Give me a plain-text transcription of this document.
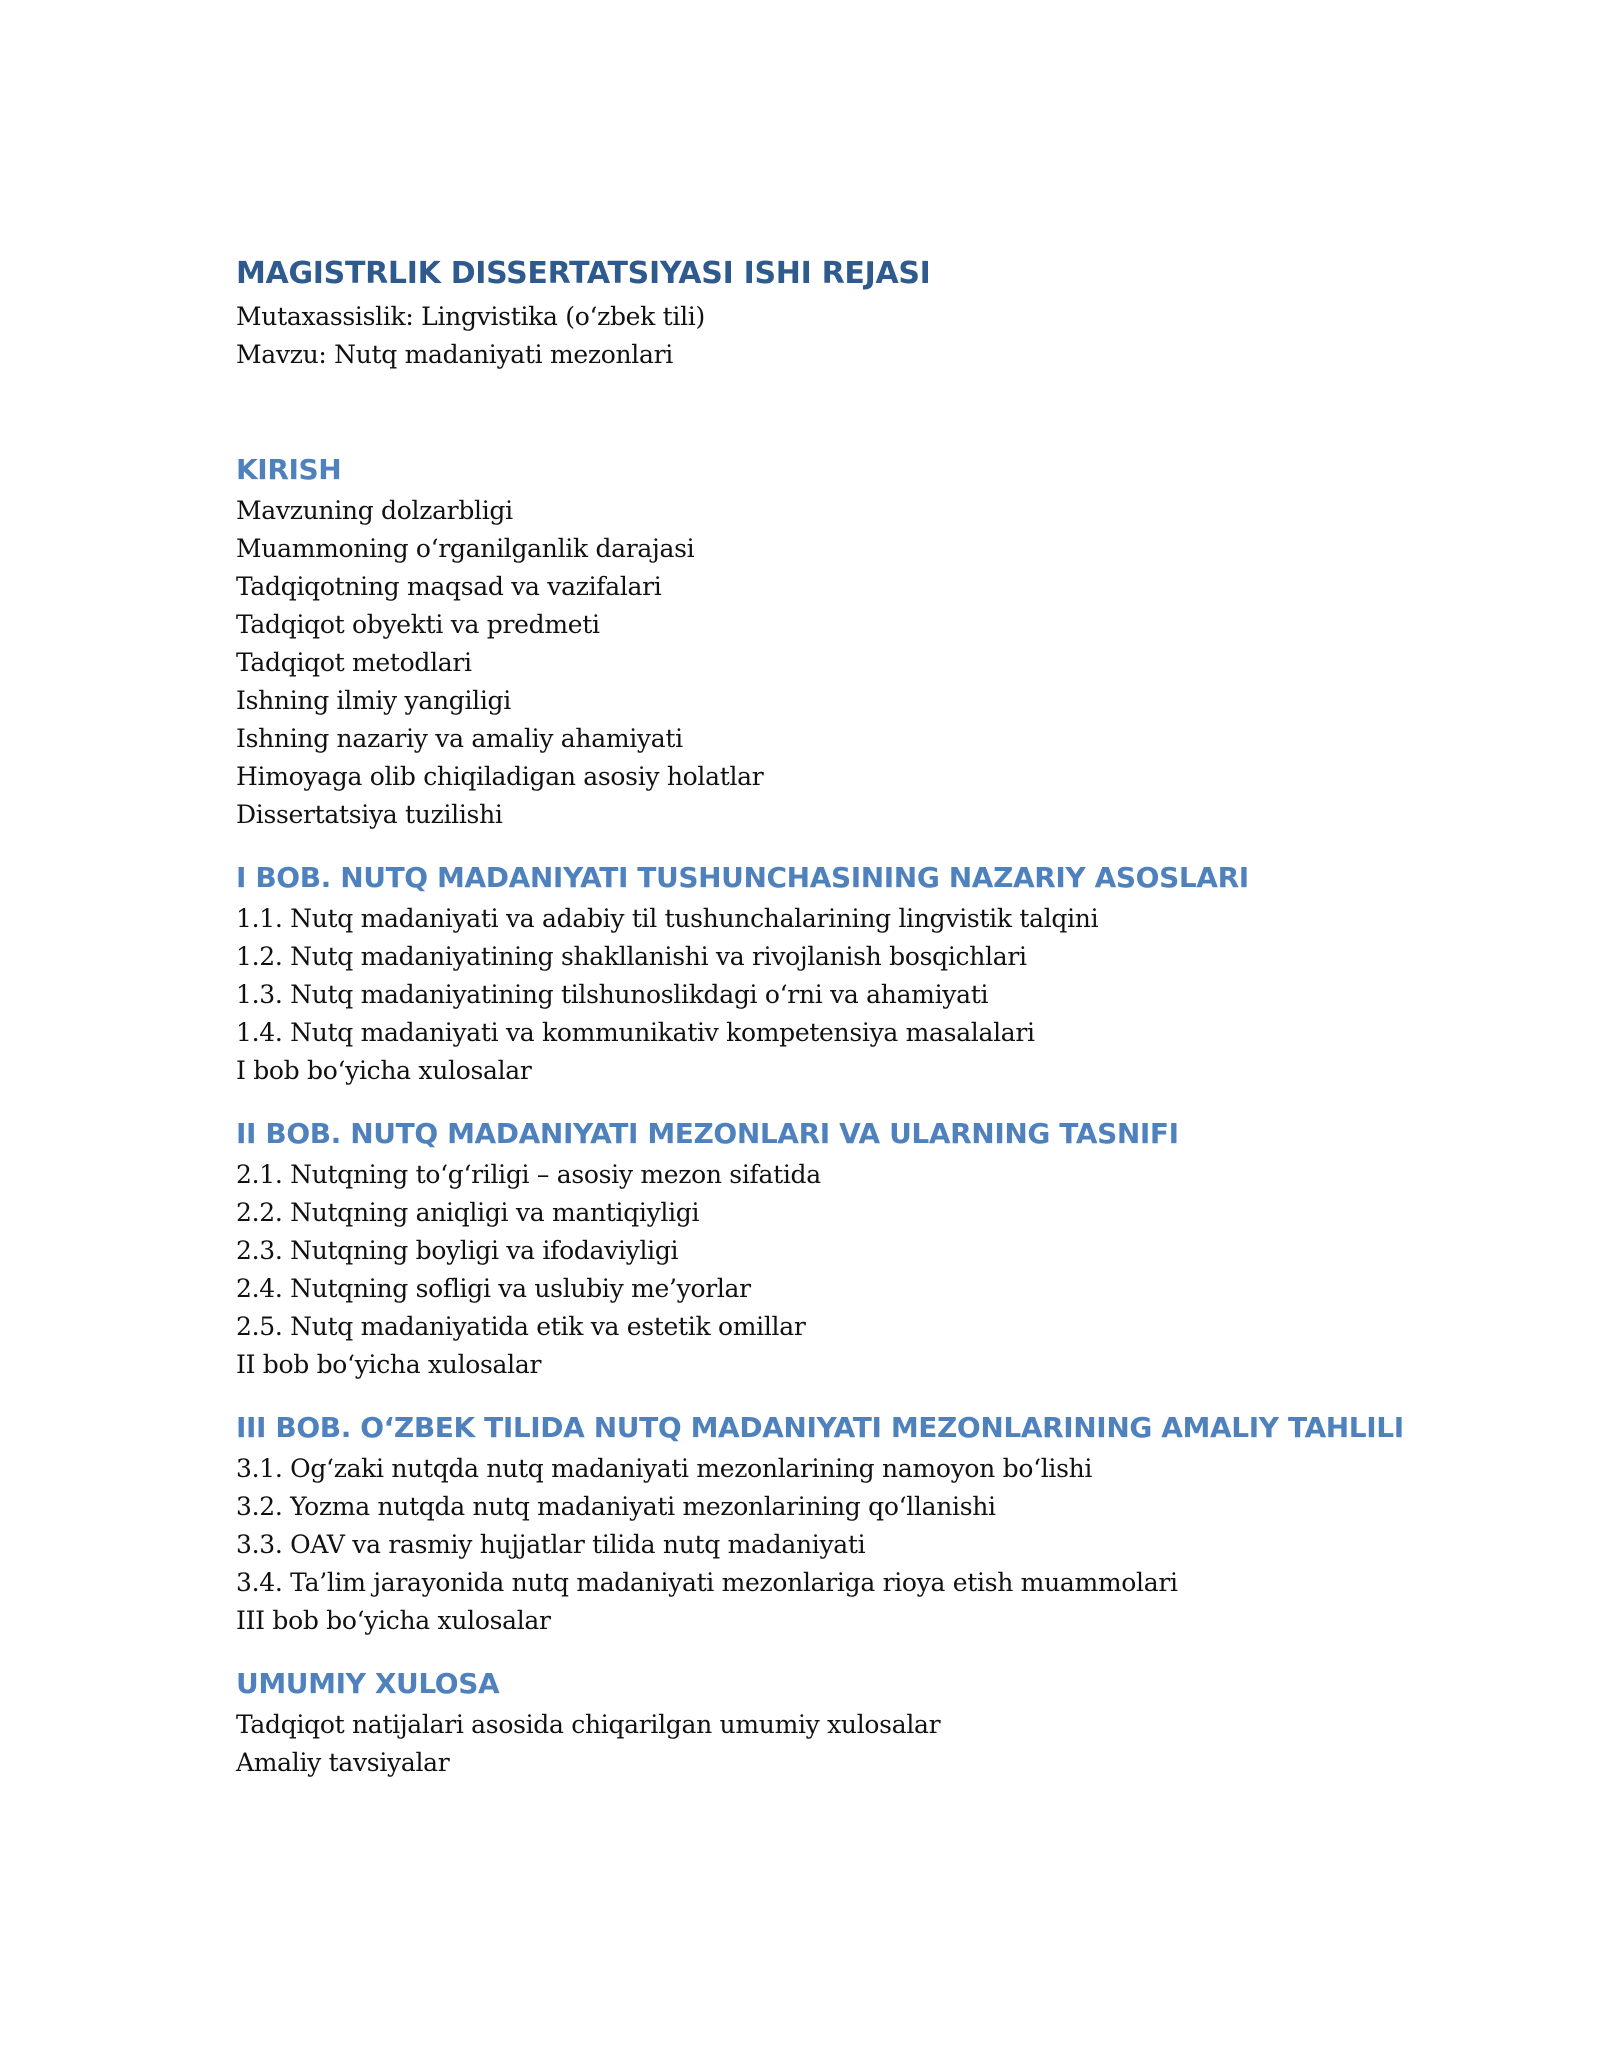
MAGISTRLIK DISSERTATSIYASI ISHI REJASI

Mutaxassislik: Lingvistika (o‘zbek tili)

Mavzu: Nutq madaniyati mezonlari

KIRISH

Mavzuning dolzarbligi

Muammoning o‘rganilganlik darajasi

Tadqiqotning maqsad va vazifalari

Tadqiqot obyekti va predmeti

Tadqiqot metodlari

Ishning ilmiy yangiligi

Ishning nazariy va amaliy ahamiyati

Himoyaga olib chiqiladigan asosiy holatlar

Dissertatsiya tuzilishi

I BOB. NUTQ MADANIYATI TUSHUNCHASINING NAZARIY ASOSLARI

1.1. Nutq madaniyati va adabiy til tushunchalarining lingvistik talqini

1.2. Nutq madaniyatining shakllanishi va rivojlanish bosqichlari

1.3. Nutq madaniyatining tilshunoslikdagi o‘rni va ahamiyati

1.4. Nutq madaniyati va kommunikativ kompetensiya masalalari

I bob bo‘yicha xulosalar

II BOB. NUTQ MADANIYATI MEZONLARI VA ULARNING TASNIFI

2.1. Nutqning to‘g‘riligi – asosiy mezon sifatida

2.2. Nutqning aniqligi va mantiqiyligi

2.3. Nutqning boyligi va ifodaviyligi

2.4. Nutqning sofligi va uslubiy me’yorlar

2.5. Nutq madaniyatida etik va estetik omillar

II bob bo‘yicha xulosalar

III BOB. O‘ZBEK TILIDA NUTQ MADANIYATI MEZONLARINING AMALIY TAHLILI

3.1. Og‘zaki nutqda nutq madaniyati mezonlarining namoyon bo‘lishi

3.2. Yozma nutqda nutq madaniyati mezonlarining qo‘llanishi

3.3. OAV va rasmiy hujjatlar tilida nutq madaniyati

3.4. Ta’lim jarayonida nutq madaniyati mezonlariga rioya etish muammolari

III bob bo‘yicha xulosalar

UMUMIY XULOSA

Tadqiqot natijalari asosida chiqarilgan umumiy xulosalar

Amaliy tavsiyalar
